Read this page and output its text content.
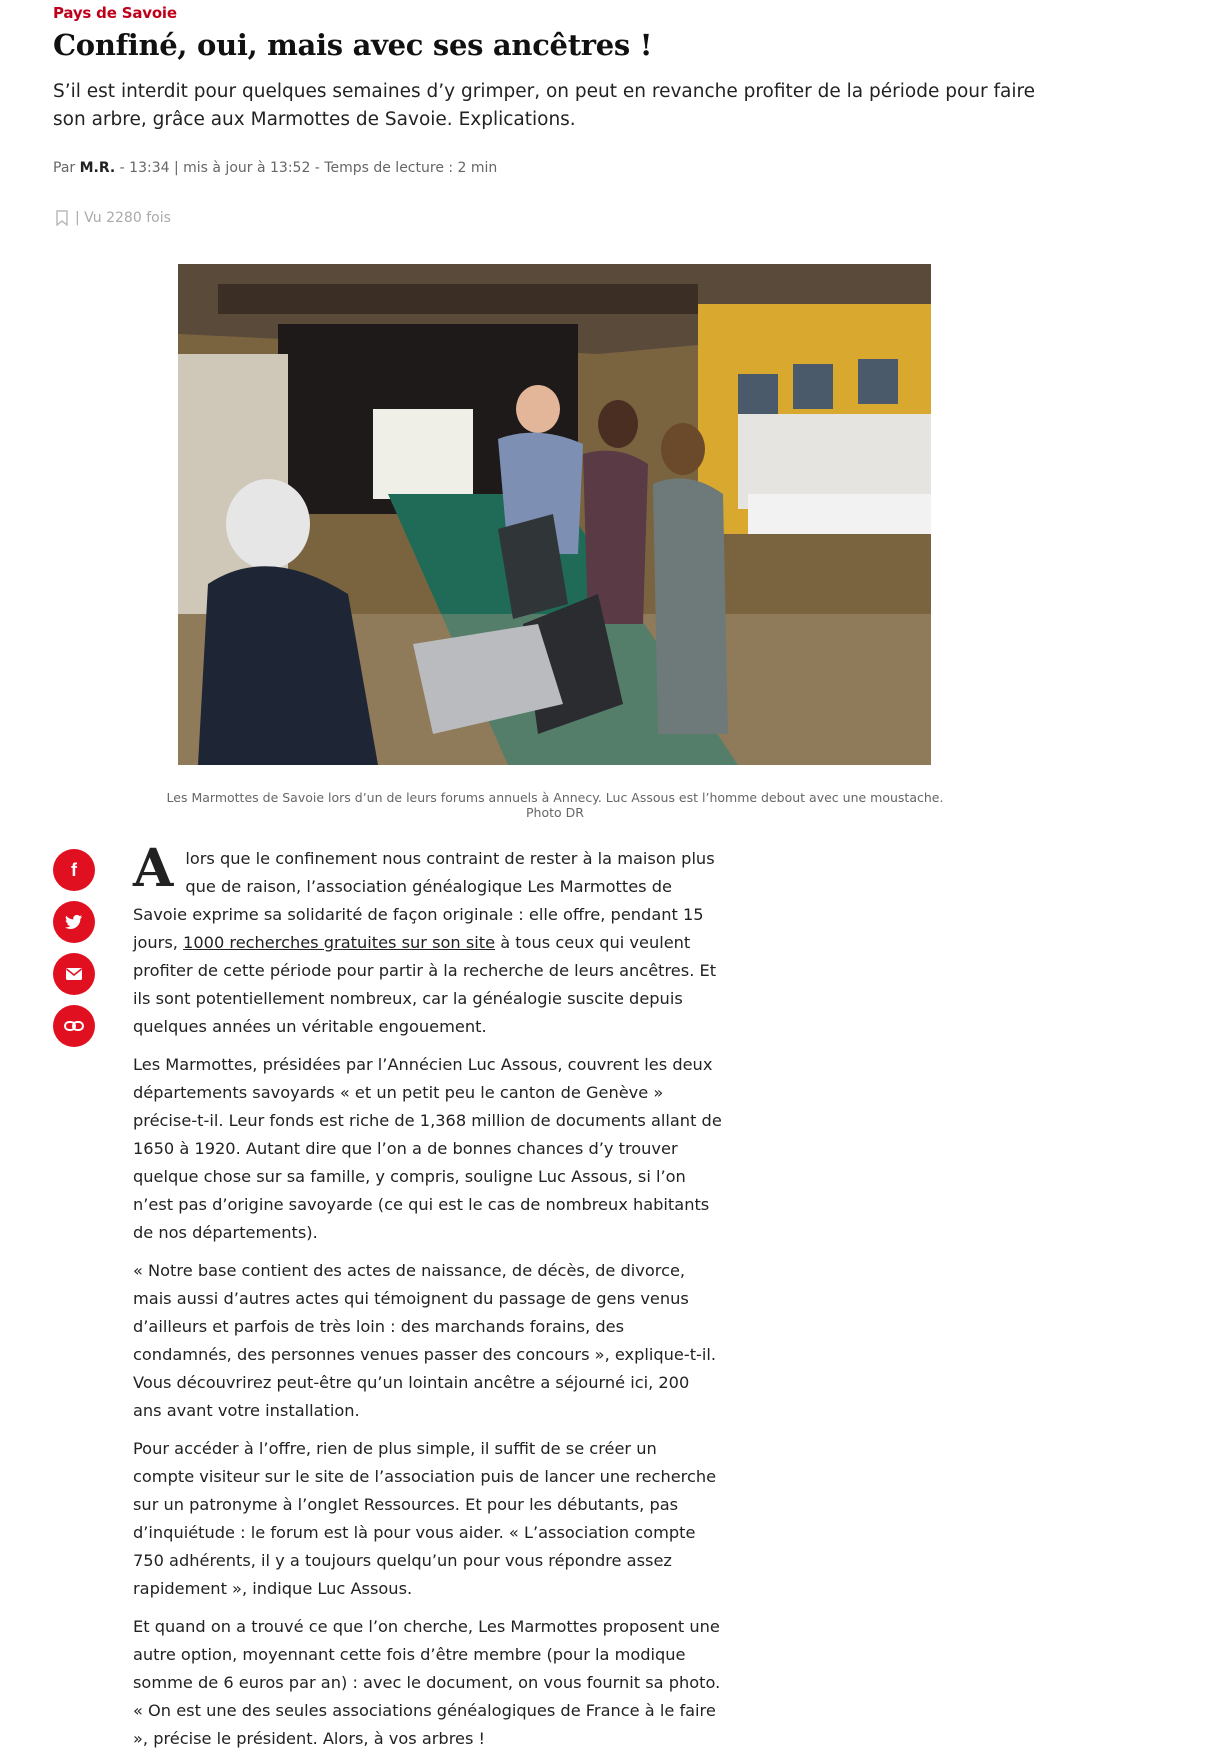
Pays de Savoie
Confiné, oui, mais avec ses ancêtres !

S’il est interdit pour quelques semaines d’y grimper, on peut en revanche profiter de la période pour faire son arbre, grâce aux Marmottes de Savoie. Explications.

Par M.R. - 13:34 | mis à jour à 13:52 - Temps de lecture : 2 min
| Vu 2280 fois
Les Marmottes de Savoie lors d’un de leurs forums annuels à Annecy. Luc Assous est l’homme debout avec une moustache. Photo DR
f Alors que le confinement nous contraint de rester à la maison plus que de raison, l’association généalogique Les Marmottes de Savoie exprime sa solidarité de façon originale : elle offre, pendant 15 jours, 1000 recherches gratuites sur son site à tous ceux qui veulent profiter de cette période pour partir à la recherche de leurs ancêtres. Et ils sont potentiellement nombreux, car la généalogie suscite depuis quelques années un véritable engouement.

Les Marmottes, présidées par l’Annécien Luc Assous, couvrent les deux départements savoyards « et un petit peu le canton de Genève » précise-t-il. Leur fonds est riche de 1,368 million de documents allant de 1650 à 1920. Autant dire que l’on a de bonnes chances d’y trouver quelque chose sur sa famille, y compris, souligne Luc Assous, si l’on n’est pas d’origine savoyarde (ce qui est le cas de nombreux habitants de nos départements).

« Notre base contient des actes de naissance, de décès, de divorce, mais aussi d’autres actes qui témoignent du passage de gens venus d’ailleurs et parfois de très loin : des marchands forains, des condamnés, des personnes venues passer des concours », explique-t-il. Vous découvrirez peut-être qu’un lointain ancêtre a séjourné ici, 200 ans avant votre installation.

Pour accéder à l’offre, rien de plus simple, il suffit de se créer un compte visiteur sur le site de l’association puis de lancer une recherche sur un patronyme à l’onglet Ressources. Et pour les débutants, pas d’inquiétude : le forum est là pour vous aider. « L’association compte 750 adhérents, il y a toujours quelqu’un pour vous répondre assez rapidement », indique Luc Assous.

Et quand on a trouvé ce que l’on cherche, Les Marmottes proposent une autre option, moyennant cette fois d’être membre (pour la modique somme de 6 euros par an) : avec le document, on vous fournit sa photo. « On est une des seules associations généalogiques de France à le faire », précise le président. Alors, à vos arbres !
